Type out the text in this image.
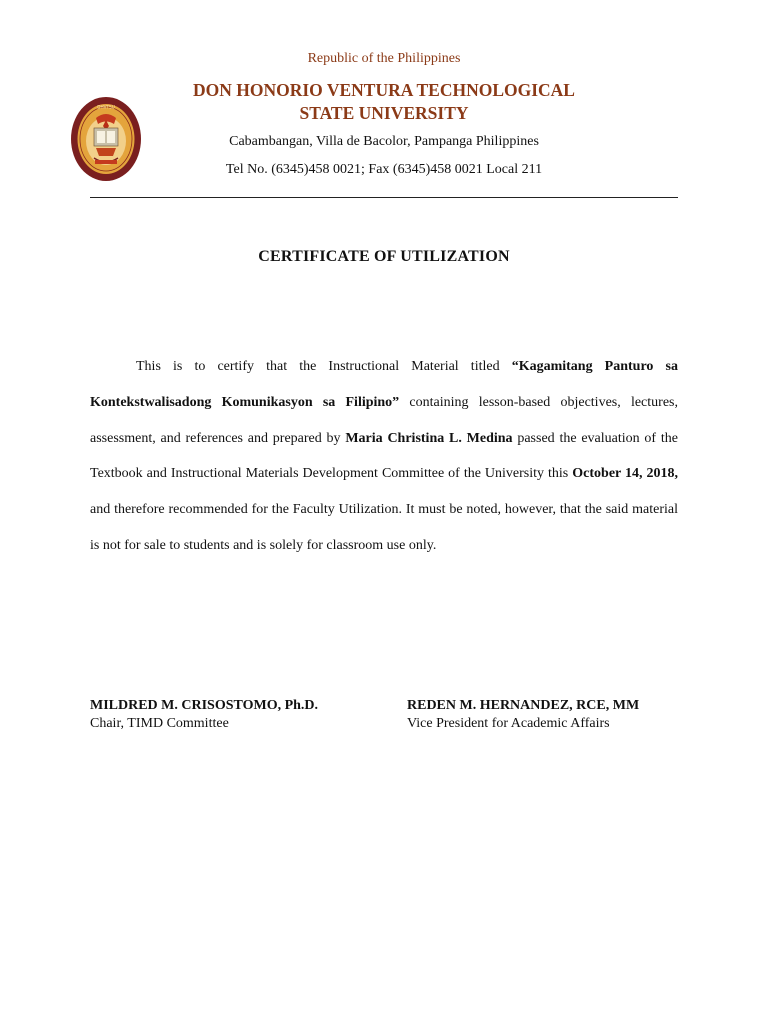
DHVTSU
Republic of the Philippines
DON HONORIO VENTURA TECHNOLOGICAL
STATE UNIVERSITY
Cabambangan, Villa de Bacolor, Pampanga Philippines
Tel No. (6345)458 0021; Fax (6345)458 0021 Local 211
CERTIFICATE OF UTILIZATION

This is to certify that the Instructional Material titled “Kagamitang Panturo sa Kontekstwalisadong Komunikasyon sa Filipino” containing lesson-based objectives, lectures, assessment, and references and prepared by Maria Christina L. Medina passed the evaluation of the Textbook and Instructional Materials Development Committee of the University this October 14, 2018, and therefore recommended for the Faculty Utilization. It must be noted, however, that the said material is not for sale to students and is solely for classroom use only.

MILDRED M. CRISOSTOMO, Ph.D.
Chair, TIMD Committee
REDEN M. HERNANDEZ, RCE, MM
Vice President for Academic Affairs
